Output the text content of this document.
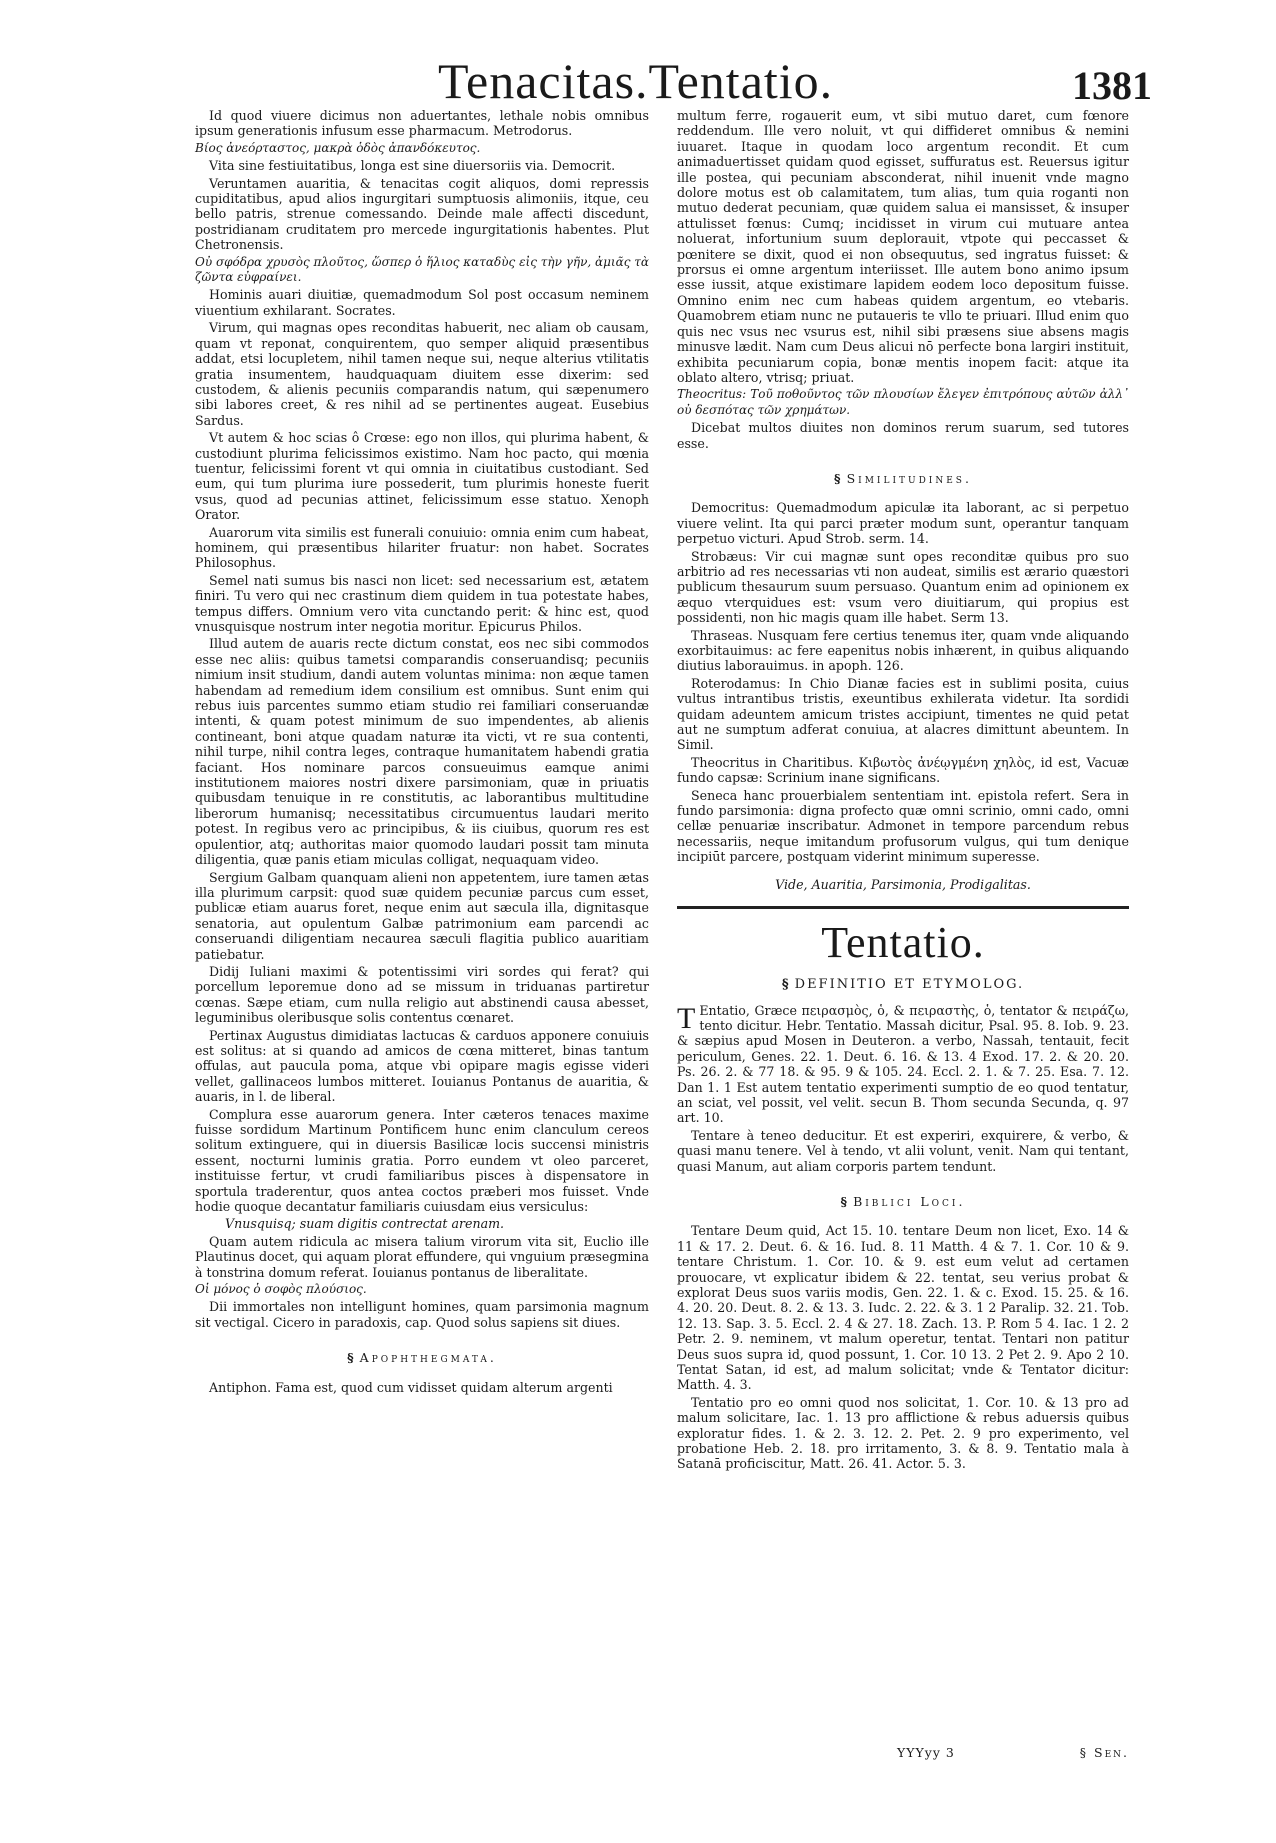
Tenacitas.Tentatio.	1381

Id quod viuere dicimus non aduertantes, lethale nobis omnibus ipsum generationis infusum esse pharmacum. Metrodorus.

Βίος ἀνεόρταστος, μακρὰ ὁδὸς ἀπανδόκευτος.

Vita sine festiuitatibus, longa est sine diuersoriis via. Democrit.

Veruntamen auaritia, & tenacitas cogit aliquos, domi repressis cupiditatibus, apud alios ingurgitari sumptuosis alimoniis, itque, ceu bello patris, strenue comessando. Deinde male affecti discedunt, postridianam cruditatem pro mercede ingurgitationis habentes. Plut Chetronensis.

Οὐ σφόδρα χρυσὸς πλοῦτος, ὥσπερ ὁ ἥλιος καταδὺς εἰς τὴν γῆν, ἀμιᾶς τὰ ζῶντα εὐφραίνει.

Hominis auari diuitiæ, quemadmodum Sol post occasum neminem viuentium exhilarant. Socrates.

Virum, qui magnas opes reconditas habuerit, nec aliam ob causam, quam vt reponat, conquirentem, quo semper aliquid præsentibus addat, etsi locupletem, nihil tamen neque sui, neque alterius vtilitatis gratia insumentem, haudquaquam diuitem esse dixerim: sed custodem, & alienis pecuniis comparandis natum, qui sæpenumero sibi labores creet, & res nihil ad se pertinentes augeat. Eusebius Sardus.

Vt autem & hoc scias ô Crœse: ego non illos, qui plurima habent, & custodiunt plurima felicissimos existimo. Nam hoc pacto, qui mœnia tuentur, felicissimi forent vt qui omnia in ciuitatibus custodiant. Sed eum, qui tum plurima iure possederit, tum plurimis honeste fuerit vsus, quod ad pecunias attinet, felicissimum esse statuo. Xenoph Orator.

Auarorum vita similis est funerali conuiuio: omnia enim cum habeat, hominem, qui præsentibus hilariter fruatur: non habet. Socrates Philosophus.

Semel nati sumus bis nasci non licet: sed necessarium est, ætatem finiri. Tu vero qui nec crastinum diem quidem in tua potestate habes, tempus differs. Omnium vero vita cunctando perit: & hinc est, quod vnusquisque nostrum inter negotia moritur. Epicurus Philos.

Illud autem de auaris recte dictum constat, eos nec sibi commodos esse nec aliis: quibus tametsi comparandis conseruandisq; pecuniis nimium insit studium, dandi autem voluntas minima: non æque tamen habendam ad remedium idem consilium est omnibus. Sunt enim qui rebus iuis parcentes summo etiam studio rei familiari conseruandæ intenti, & quam potest minimum de suo impendentes, ab alienis contineant, boni atque quadam naturæ ita victi, vt re sua contenti, nihil turpe, nihil contra leges, contraque humanitatem habendi gratia faciant. Hos nominare parcos consueuimus eamque animi institutionem maiores nostri dixere parsimoniam, quæ in priuatis quibusdam tenuique in re constitutis, ac laborantibus multitudine liberorum humanisq; necessitatibus circumuentus laudari merito potest. In regibus vero ac principibus, & iis ciuibus, quorum res est opulentior, atq; authoritas maior quomodo laudari possit tam minuta diligentia, quæ panis etiam miculas colligat, nequaquam video.

Sergium Galbam quanquam alieni non appetentem, iure tamen ætas illa plurimum carpsit: quod suæ quidem pecuniæ parcus cum esset, publicæ etiam auarus foret, neque enim aut sæcula illa, dignitasque senatoria, aut opulentum Galbæ patrimonium eam parcendi ac conseruandi diligentiam necaurea sæculi flagitia publico auaritiam patiebatur.

Didij Iuliani maximi & potentissimi viri sordes qui ferat? qui porcellum leporemue dono ad se missum in triduanas partiretur cœnas. Sæpe etiam, cum nulla religio aut abstinendi causa abesset, leguminibus oleribusque solis contentus cœnaret.

Pertinax Augustus dimidiatas lactucas & carduos apponere conuiuis est solitus: at si quando ad amicos de cœna mitteret, binas tantum offulas, aut paucula poma, atque vbi opipare magis egisse videri vellet, gallinaceos lumbos mitteret. Iouianus Pontanus de auaritia, & auaris, in l. de liberal.

Complura esse auarorum genera. Inter cæteros tenaces maxime fuisse sordidum Martinum Pontificem hunc enim clanculum cereos solitum extinguere, qui in diuersis Basilicæ locis succensi ministris essent, nocturni luminis gratia. Porro eundem vt oleo parceret, instituisse fertur, vt crudi familiaribus pisces à dispensatore in sportula traderentur, quos antea coctos præberi mos fuisset. Vnde hodie quoque decantatur familiaris cuiusdam eius versiculus:

Vnusquisq; suam digitis contrectat arenam.

Quam autem ridicula ac misera talium virorum vita sit, Euclio ille Plautinus docet, qui aquam plorat effundere, qui vnguium præsegmina à tonstrina domum referat. Iouianus pontanus de liberalitate.

Οἱ μόνος ὁ σοφὸς πλούσιος.

Dii immortales non intelligunt homines, quam parsimonia magnum sit vectigal. Cicero in paradoxis, cap. Quod solus sapiens sit diues.

§ Apophthegmata.

Antiphon. Fama est, quod cum vidisset quidam alterum argenti

multum ferre, rogauerit eum, vt sibi mutuo daret, cum fœnore reddendum. Ille vero noluit, vt qui diffideret omnibus & nemini iuuaret. Itaque in quodam loco argentum recondit. Et cum animaduertisset quidam quod egisset, suffuratus est. Reuersus igitur ille postea, qui pecuniam absconderat, nihil inuenit vnde magno dolore motus est ob calamitatem, tum alias, tum quia roganti non mutuo dederat pecuniam, quæ quidem salua ei mansisset, & insuper attulisset fœnus: Cumq; incidisset in virum cui mutuare antea noluerat, infortunium suum deplorauit, vtpote qui peccasset & pœnitere se dixit, quod ei non obsequutus, sed ingratus fuisset: & prorsus ei omne argentum interiisset. Ille autem bono animo ipsum esse iussit, atque existimare lapidem eodem loco depositum fuisse. Omnino enim nec cum habeas quidem argentum, eo vtebaris. Quamobrem etiam nunc ne putaueris te vllo te priuari. Illud enim quo quis nec vsus nec vsurus est, nihil sibi præsens siue absens magis minusve lædit. Nam cum Deus alicui nō perfecte bona largiri instituit, exhibita pecuniarum copia, bonæ mentis inopem facit: atque ita oblato altero, vtrisq; priuat.

Theocritus: Τοῦ ποθοῦντος τῶν πλουσίων ἔλεγεν ἐπιτρόπους αὐτῶν ἀλλ᾿ οὐ δεσπότας τῶν χρημάτων.

Dicebat multos diuites non dominos rerum suarum, sed tutores esse.

§ Similitudines.

Democritus: Quemadmodum apiculæ ita laborant, ac si perpetuo viuere velint. Ita qui parci præter modum sunt, operantur tanquam perpetuo victuri. Apud Strob. serm. 14.

Strobæus: Vir cui magnæ sunt opes reconditæ quibus pro suo arbitrio ad res necessarias vti non audeat, similis est ærario quæstori publicum thesaurum suum persuaso. Quantum enim ad opinionem ex æquo vterquidues est: vsum vero diuitiarum, qui propius est possidenti, non hic magis quam ille habet. Serm 13.

Thraseas. Nusquam fere certius tenemus iter, quam vnde aliquando exorbitauimus: ac fere eapenitus nobis inhærent, in quibus aliquando diutius laborauimus. in apoph. 126.

Roterodamus: In Chio Dianæ facies est in sublimi posita, cuius vultus intrantibus tristis, exeuntibus exhilerata videtur. Ita sordidi quidam adeuntem amicum tristes accipiunt, timentes ne quid petat aut ne sumptum adferat conuiua, at alacres dimittunt abeuntem. In Simil.

Theocritus in Charitibus. Κιβωτὸς ἀνέῳγμένη χηλὸς, id est, Vacuæ fundo capsæ: Scrinium inane significans.

Seneca hanc prouerbialem sententiam int. epistola refert. Sera in fundo parsimonia: digna profecto quæ omni scrinio, omni cado, omni cellæ penuariæ inscribatur. Admonet in tempore parcendum rebus necessariis, neque imitandum profusorum vulgus, qui tum denique incipiūt parcere, postquam viderint minimum superesse.

Vide, Auaritia, Parsimonia, Prodigalitas.
Tentatio.
§ DEFINITIO ET ETYMOLOG.

T Entatio, Græce πειρασμὸς, ὁ, & πειραστὴς, ὁ, tentator & πειράζω, tento dicitur. Hebr. Tentatio. Massah dicitur, Psal. 95. 8. Iob. 9. 23. & sæpius apud Mosen in Deuteron. a verbo, Nassah, tentauit, fecit periculum, Genes. 22. 1. Deut. 6. 16. & 13. 4 Exod. 17. 2. & 20. 20. Ps. 26. 2. & 77 18. & 95. 9 & 105. 24. Eccl. 2. 1. & 7. 25. Esa. 7. 12. Dan 1. 1 Est autem tentatio experimenti sumptio de eo quod tentatur, an sciat, vel possit, vel velit. secun B. Thom secunda Secunda, q. 97 art. 10.

Tentare à teneo deducitur. Et est experiri, exquirere, & verbo, & quasi manu tenere. Vel à tendo, vt alii volunt, venit. Nam qui tentant, quasi Manum, aut aliam corporis partem tendunt.

§ Biblici Loci.

Tentare Deum quid, Act 15. 10. tentare Deum non licet, Exo. 14 & 11 & 17. 2. Deut. 6. & 16. Iud. 8. 11 Matth. 4 & 7. 1. Cor. 10 & 9. tentare Christum. 1. Cor. 10. & 9. est eum velut ad certamen prouocare, vt explicatur ibidem & 22. tentat, seu verius probat & explorat Deus suos variis modis, Gen. 22. 1. & c. Exod. 15. 25. & 16. 4. 20. 20. Deut. 8. 2. & 13. 3. Iudc. 2. 22. & 3. 1 2 Paralip. 32. 21. Tob. 12. 13. Sap. 3. 5. Eccl. 2. 4 & 27. 18. Zach. 13. P. Rom 5 4. Iac. 1 2. 2 Petr. 2. 9. neminem, vt malum operetur, tentat. Tentari non patitur Deus suos supra id, quod possunt, 1. Cor. 10 13. 2 Pet 2. 9. Apo 2 10. Tentat Satan, id est, ad malum solicitat; vnde & Tentator dicitur: Matth. 4. 3.

Tentatio pro eo omni quod nos solicitat, 1. Cor. 10. & 13 pro ad malum solicitare, Iac. 1. 13 pro afflictione & rebus aduersis quibus exploratur fides. 1. & 2. 3. 12. 2. Pet. 2. 9 pro experimento, vel probatione Heb. 2. 18. pro irritamento, 3. & 8. 9. Tentatio mala à Satanā proficiscitur, Matt. 26. 41. Actor. 5. 3.

YYYyy 3	§ Sen.
